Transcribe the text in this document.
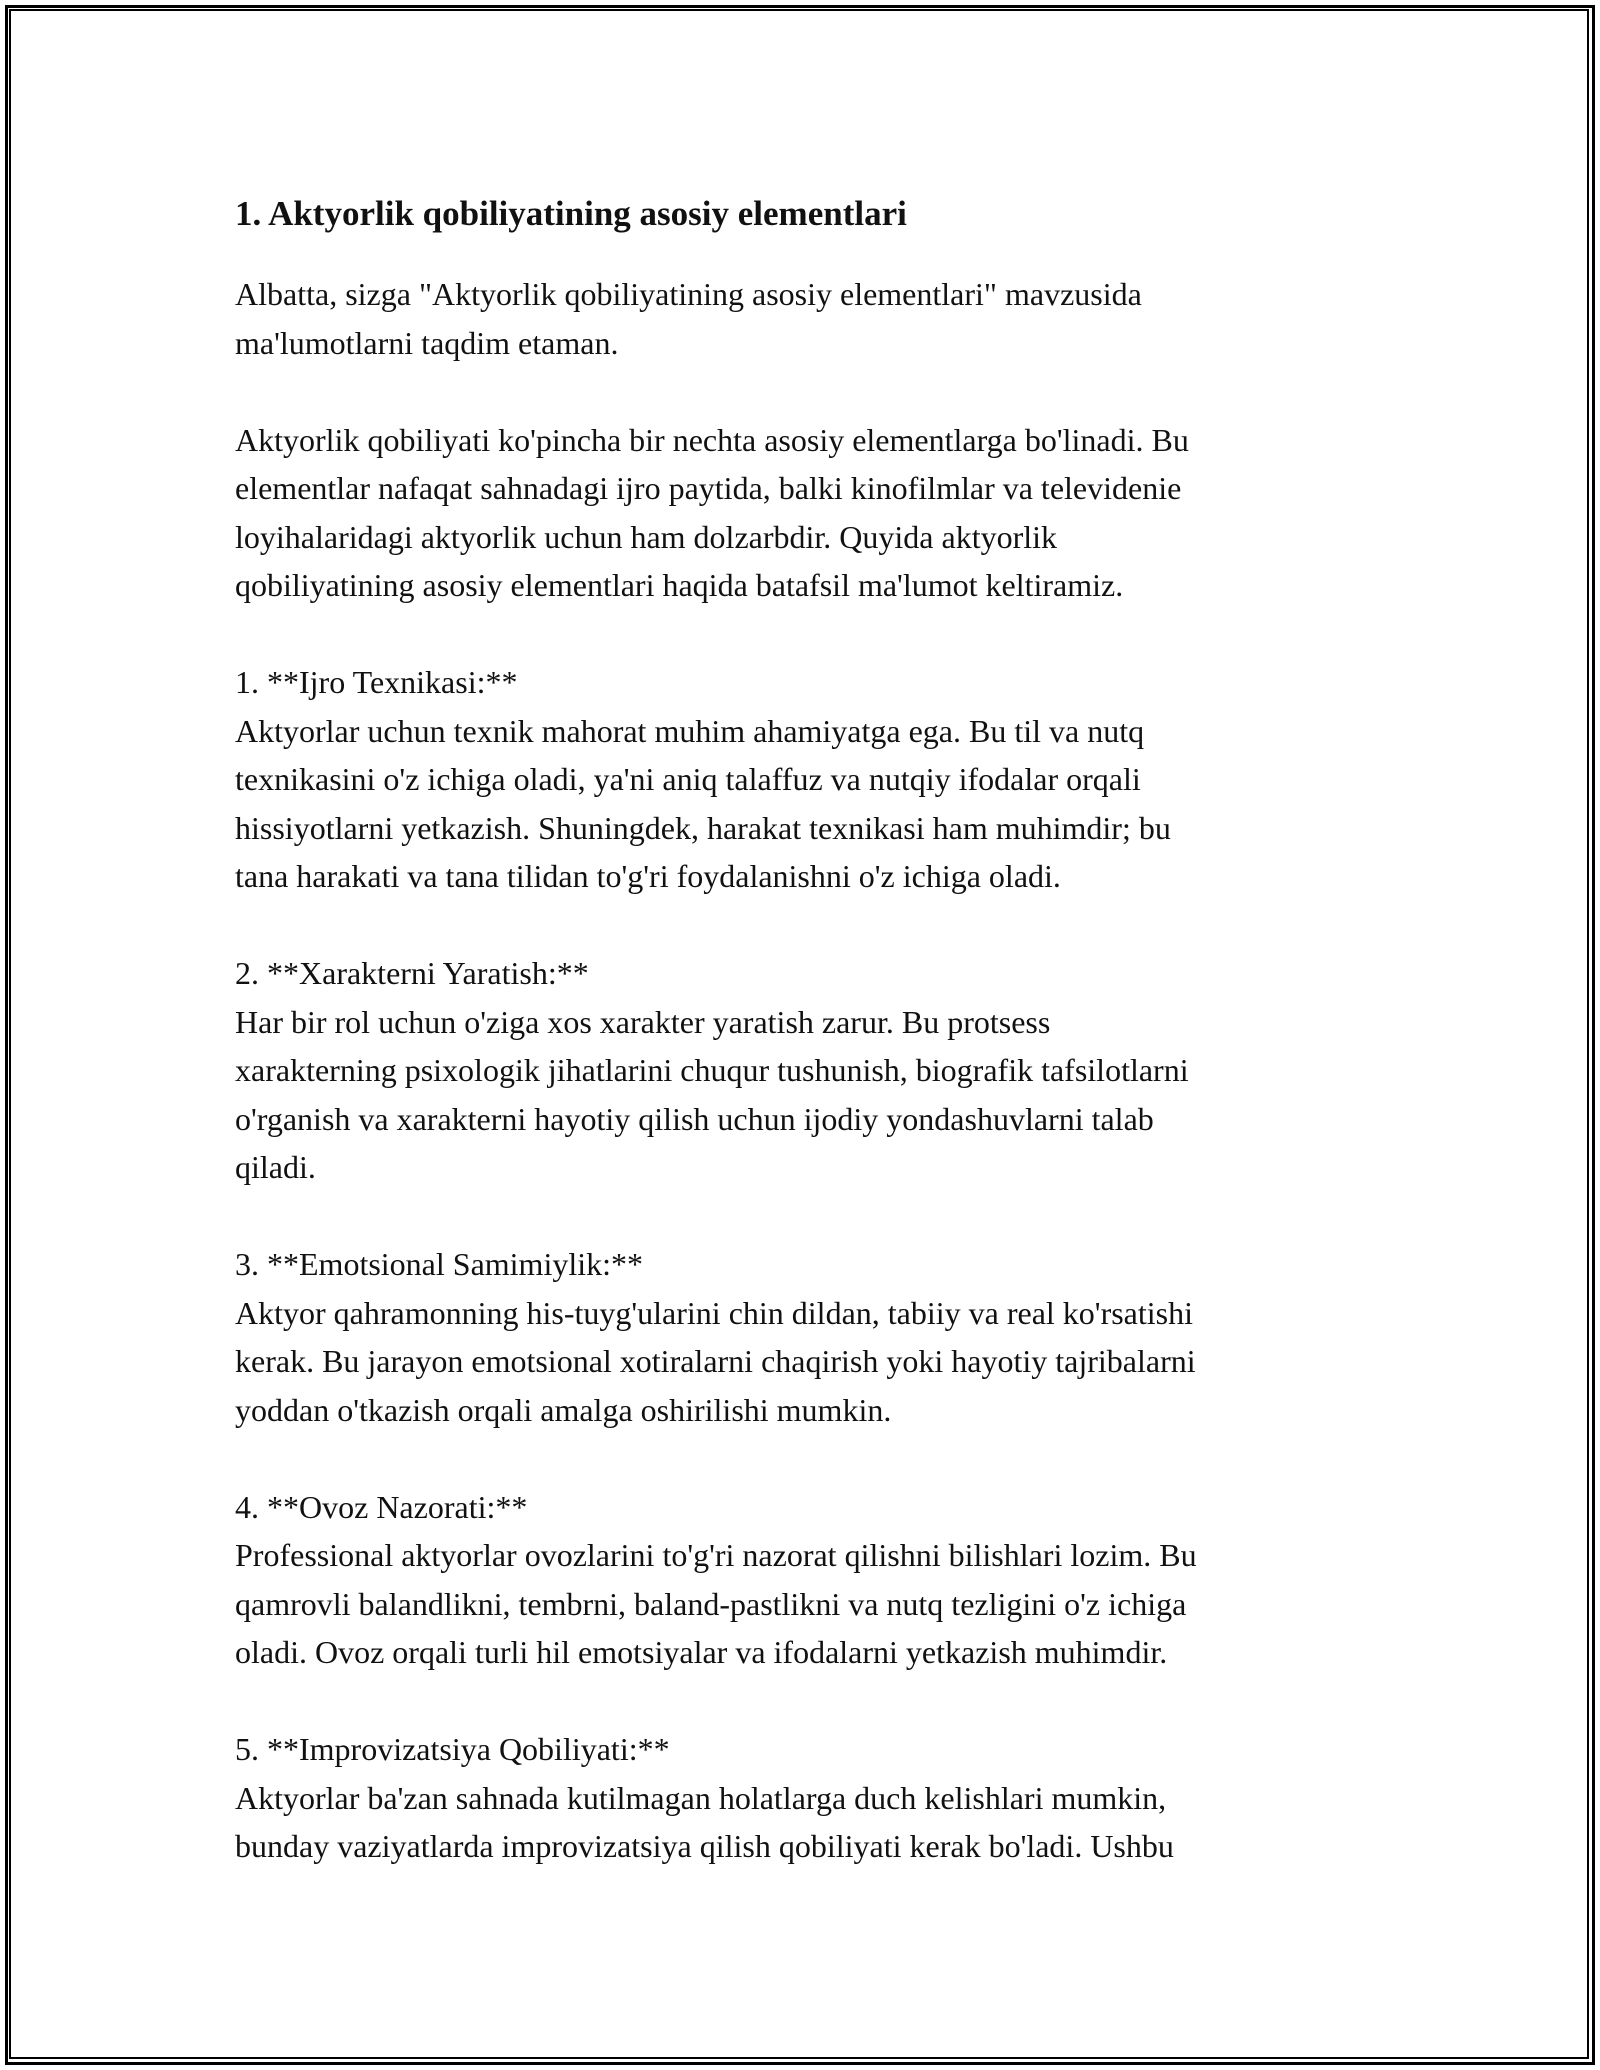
1. Aktyorlik qobiliyatining asosiy elementlari

Albatta, sizga "Aktyorlik qobiliyatining asosiy elementlari" mavzusida
ma'lumotlarni taqdim etaman.

Aktyorlik qobiliyati ko'pincha bir nechta asosiy elementlarga bo'linadi. Bu
elementlar nafaqat sahnadagi ijro paytida, balki kinofilmlar va televidenie
loyihalaridagi aktyorlik uchun ham dolzarbdir. Quyida aktyorlik
qobiliyatining asosiy elementlari haqida batafsil ma'lumot keltiramiz.

1. **Ijro Texnikasi:**

Aktyorlar uchun texnik mahorat muhim ahamiyatga ega. Bu til va nutq
texnikasini o'z ichiga oladi, ya'ni aniq talaffuz va nutqiy ifodalar orqali
hissiyotlarni yetkazish. Shuningdek, harakat texnikasi ham muhimdir; bu
tana harakati va tana tilidan to'g'ri foydalanishni o'z ichiga oladi.

2. **Xarakterni Yaratish:**

Har bir rol uchun o'ziga xos xarakter yaratish zarur. Bu protsess
xarakterning psixologik jihatlarini chuqur tushunish, biografik tafsilotlarni
o'rganish va xarakterni hayotiy qilish uchun ijodiy yondashuvlarni talab
qiladi.

3. **Emotsional Samimiylik:**

Aktyor qahramonning his-tuyg'ularini chin dildan, tabiiy va real ko'rsatishi
kerak. Bu jarayon emotsional xotiralarni chaqirish yoki hayotiy tajribalarni
yoddan o'tkazish orqali amalga oshirilishi mumkin.

4. **Ovoz Nazorati:**

Professional aktyorlar ovozlarini to'g'ri nazorat qilishni bilishlari lozim. Bu
qamrovli balandlikni, tembrni, baland-pastlikni va nutq tezligini o'z ichiga
oladi. Ovoz orqali turli hil emotsiyalar va ifodalarni yetkazish muhimdir.

5. **Improvizatsiya Qobiliyati:**

Aktyorlar ba'zan sahnada kutilmagan holatlarga duch kelishlari mumkin,
bunday vaziyatlarda improvizatsiya qilish qobiliyati kerak bo'ladi. Ushbu
